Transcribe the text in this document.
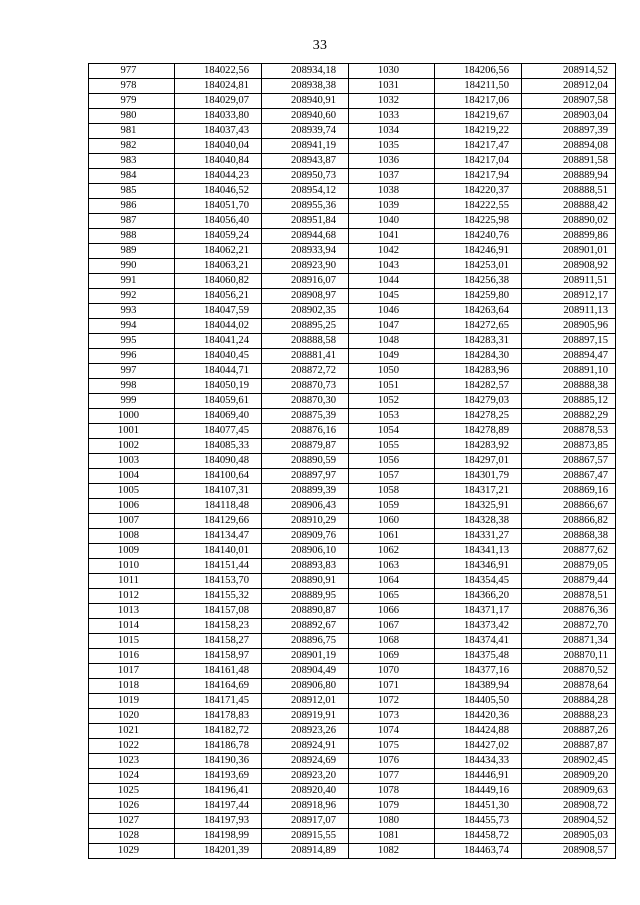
33
977	184022,56	208934,18	1030	184206,56	208914,52
978	184024,81	208938,38	1031	184211,50	208912,04
979	184029,07	208940,91	1032	184217,06	208907,58
980	184033,80	208940,60	1033	184219,67	208903,04
981	184037,43	208939,74	1034	184219,22	208897,39
982	184040,04	208941,19	1035	184217,47	208894,08
983	184040,84	208943,87	1036	184217,04	208891,58
984	184044,23	208950,73	1037	184217,94	208889,94
985	184046,52	208954,12	1038	184220,37	208888,51
986	184051,70	208955,36	1039	184222,55	208888,42
987	184056,40	208951,84	1040	184225,98	208890,02
988	184059,24	208944,68	1041	184240,76	208899,86
989	184062,21	208933,94	1042	184246,91	208901,01
990	184063,21	208923,90	1043	184253,01	208908,92
991	184060,82	208916,07	1044	184256,38	208911,51
992	184056,21	208908,97	1045	184259,80	208912,17
993	184047,59	208902,35	1046	184263,64	208911,13
994	184044,02	208895,25	1047	184272,65	208905,96
995	184041,24	208888,58	1048	184283,31	208897,15
996	184040,45	208881,41	1049	184284,30	208894,47
997	184044,71	208872,72	1050	184283,96	208891,10
998	184050,19	208870,73	1051	184282,57	208888,38
999	184059,61	208870,30	1052	184279,03	208885,12
1000	184069,40	208875,39	1053	184278,25	208882,29
1001	184077,45	208876,16	1054	184278,89	208878,53
1002	184085,33	208879,87	1055	184283,92	208873,85
1003	184090,48	208890,59	1056	184297,01	208867,57
1004	184100,64	208897,97	1057	184301,79	208867,47
1005	184107,31	208899,39	1058	184317,21	208869,16
1006	184118,48	208906,43	1059	184325,91	208866,67
1007	184129,66	208910,29	1060	184328,38	208866,82
1008	184134,47	208909,76	1061	184331,27	208868,38
1009	184140,01	208906,10	1062	184341,13	208877,62
1010	184151,44	208893,83	1063	184346,91	208879,05
1011	184153,70	208890,91	1064	184354,45	208879,44
1012	184155,32	208889,95	1065	184366,20	208878,51
1013	184157,08	208890,87	1066	184371,17	208876,36
1014	184158,23	208892,67	1067	184373,42	208872,70
1015	184158,27	208896,75	1068	184374,41	208871,34
1016	184158,97	208901,19	1069	184375,48	208870,11
1017	184161,48	208904,49	1070	184377,16	208870,52
1018	184164,69	208906,80	1071	184389,94	208878,64
1019	184171,45	208912,01	1072	184405,50	208884,28
1020	184178,83	208919,91	1073	184420,36	208888,23
1021	184182,72	208923,26	1074	184424,88	208887,26
1022	184186,78	208924,91	1075	184427,02	208887,87
1023	184190,36	208924,69	1076	184434,33	208902,45
1024	184193,69	208923,20	1077	184446,91	208909,20
1025	184196,41	208920,40	1078	184449,16	208909,63
1026	184197,44	208918,96	1079	184451,30	208908,72
1027	184197,93	208917,07	1080	184455,73	208904,52
1028	184198,99	208915,55	1081	184458,72	208905,03
1029	184201,39	208914,89	1082	184463,74	208908,57
